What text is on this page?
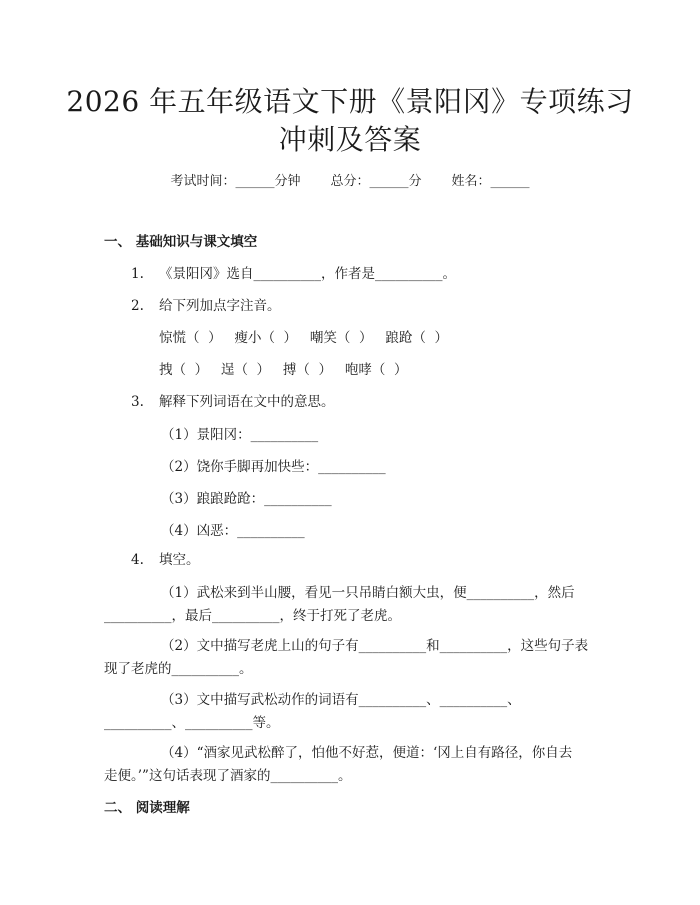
2026 年五年级语文下册《景阳冈》专项练习
冲刺及答案
考试时间：______分钟 总分：______分 姓名：______
一、 基础知识与课文填空
1. 《景阳冈》选自__________，作者是__________。
2. 给下列加点字注音。
惊慌（  ）   瘦小（  ）   嘲笑（  ）   踉跄（  ）
拽（  ）   逞（  ）   搏（  ）   咆哮（  ）
3. 解释下列词语在文中的意思。
（1）景阳冈：__________
（2）饶你手脚再加快些：__________
（3）踉踉跄跄：__________
（4）凶恶：__________
4. 填空。
（1）武松来到半山腰，看见一只吊睛白额大虫，便__________，然后
__________，最后__________，终于打死了老虎。
（2）文中描写老虎上山的句子有__________和__________，这些句子表
现了老虎的__________。
（3）文中描写武松动作的词语有__________、__________、
__________、__________等。
（4）“酒家见武松醉了，怕他不好惹，便道：‘冈上自有路径，你自去
走便。’”这句话表现了酒家的__________。
二、 阅读理解
